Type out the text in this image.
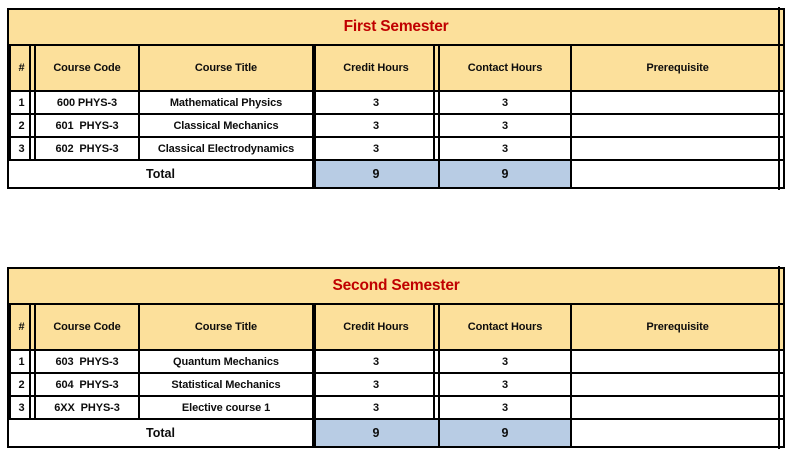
First Semester					
#	Course Code	Course Title	Credit Hours	Contact Hours	Prerequisite
1	600 PHYS-3	Mathematical Physics	3	3	
2	601  PHYS-3	Classical Mechanics	3	3	
3	602  PHYS-3	Classical Electrodynamics	3	3	
Total			9	9	
Second Semester					
#	Course Code	Course Title	Credit Hours	Contact Hours	Prerequisite
1	603  PHYS-3	Quantum Mechanics	3	3	
2	604  PHYS-3	Statistical Mechanics	3	3	
3	6XX  PHYS-3	Elective course 1	3	3	
Total			9	9	
